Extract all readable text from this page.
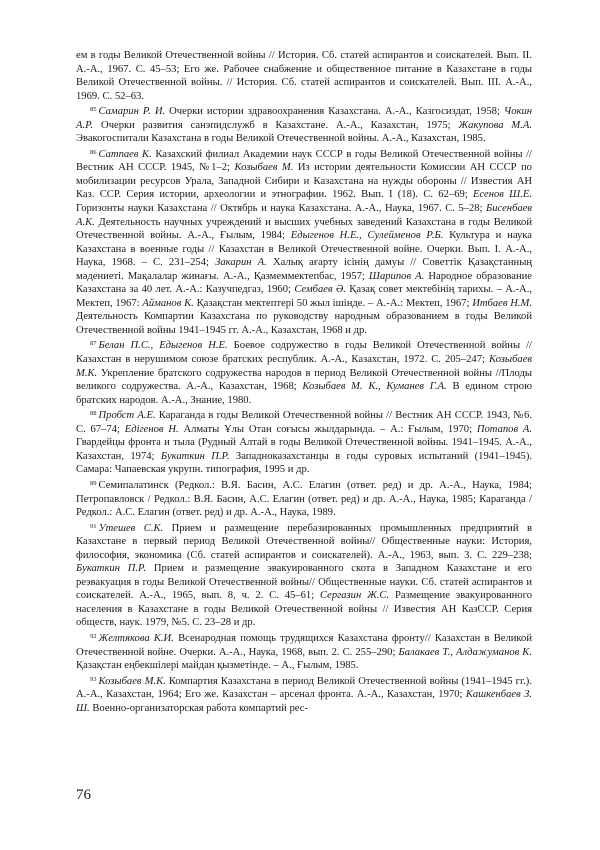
ем в годы Великой Отечественной войны // История. Сб. статей аспирантов и соискателей. Вып. II. А.-А., 1967. С. 45–53; Его же. Рабочее снабжение и общественное питание в Казахстане в годы Великой Отечественной войны. // История. Сб. статей аспирантов и соискателей. Вып. III. А.-А., 1969. С. 52–63.

$^{85}$ Самарин Р. И. Очерки истории здравоохранения Казахстана. А.-А., Казгосиздат, 1958; Чокин А.Р. Очерки развития санэпидслужб в Казахстане. А.-А., Казахстан, 1975; Жакупова М.А. Эвакогоспитали Казахстана в годы Великой Отечественной войны. А.-А., Казахстан, 1985.

$^{86}$ Сатпаев К. Казахский филиал Академии наук СССР в годы Великой Отечественной войны // Вестник АН СССР. 1945, №1–2; Козыбаев М. Из истории деятельности Комиссии АН СССР по мобилизации ресурсов Урала, Западной Сибири и Казахстана на нужды обороны // Известия АН Каз. ССР. Серия истории, археологии и этнографии. 1962. Вып. I (18). С. 62–69; Есенов Ш.Е. Горизонты науки Казахстана // Октябрь и наука Казахстана. А.-А., Наука, 1967. С. 5–28; Бисенбаев А.К. Деятельность научных учреждений и высших учебных заведений Казахстана в годы Великой Отечественной войны. А.-А., Ғылым, 1984; Едыгенов Н.Е., Сулейменов Р.Б. Культура и наука Казахстана в военные годы // Казахстан в Великой Отечественной войне. Очерки. Вып. I. А.-А., Наука, 1968. – С. 231–254; Закарин А. Халық ағарту ісінің дамуы // Советтік Қазақстанның мәдениеті. Мақалалар жинағы. А.-А., Қазмеммектепбас, 1957; Шарипов А. Народное образование Казахстана за 40 лет. А.-А.: Казучпедгаз, 1960; Сембаев Ә. Қазақ совет мектебінің тарихы. – А.-А., Мектеп, 1967: Айманов К. Қазақстан мектептері 50 жыл ішінде. – А.-А.: Мектеп, 1967; Итбаев Н.М. Деятельность Компартии Казахстана по руководству народным образованием в годы Великой Отечественной войны 1941–1945 гг. А.-А., Казахстан, 1968 и др.

$^{87}$ Белан П.С., Едыгенов Н.Е. Боевое содружество в годы Великой Отечественной войны // Казахстан в нерушимом союзе братских республик. А.-А., Казахстан, 1972. С. 205–247; Козыбаев М.К. Укрепление братского содружества народов в период Великой Отечественной войны //Плоды великого содружества. А.-А., Казахстан, 1968; Козыбаев М. К., Куманев Г.А. В едином строю братских народов. А.-А., Знание, 1980.

$^{88}$ Пробст А.Е. Караганда в годы Великой Отечественной войны // Вестник АН СССР. 1943, №6. С. 67–74; Едігенов Н. Алматы Ұлы Отан соғысы жылдарында. – А.: Ғылым, 1970; Потапов А. Гвардейцы фронта и тыла (Рудный Алтай в годы Великой Отечественной войны. 1941–1945. А.-А., Казахстан, 1974; Букаткин П.Р. Западноказахстанцы в годы суровых испытаний (1941–1945). Самара: Чапаевская укрупн. типография, 1995 и др.

$^{89}$ Семипалатинск (Редкол.: В.Я. Басин, А.С. Елагин (ответ. ред) и др. А.-А., Наука, 1984; Петропавловск / Редкол.: В.Я. Басин, А.С. Елагин (ответ. ред) и др. А.-А., Наука, 1985; Караганда / Редкол.: А.С. Елагин (ответ. ред) и др. А.-А., Наука, 1989.

$^{91}$ Утешев С.К. Прием и размещение перебазированных промышленных предприятий в Казахстане в первый период Великой Отечественной войны// Общественные науки: История, философия, экономика (Сб. статей аспирантов и соискателей). А.-А., 1963, вып. 3. С. 229–238; Букаткин П.Р. Прием и размещение эвакуированного скота в Западном Казахстане и его реэвакуация в годы Великой Отечественной войны// Общественные науки. Сб. статей аспирантов и соискателей. А.-А., 1965, вып. 8, ч. 2. С. 45–61; Сергазин Ж.С. Размещение эвакуированного населения в Казахстане в годы Великой Отечественной войны // Известия АН КазССР. Серия обществ, наук. 1979, №5. С. 23–28 и др.

$^{92}$ Желтякова К.И. Всенародная помощь трудящихся Казахстана фронту// Казахстан в Великой Отечественной войне. Очерки. А.-А., Наука, 1968, вып. 2. С. 255–290; Балакаев Т., Алдажуманов К. Қазақстан еңбекшілері майдан қызметінде. – А., Ғылым, 1985.

$^{93}$ Козыбаев М.К. Компартия Казахстана в период Великой Отечественной войны (1941–1945 гг.). А.-А., Казахстан, 1964; Его же. Казахстан – арсенал фронта. А.-А., Казахстан, 1970; Кашкенбаев З. Ш. Военно-организаторская работа компартий рес-

76
